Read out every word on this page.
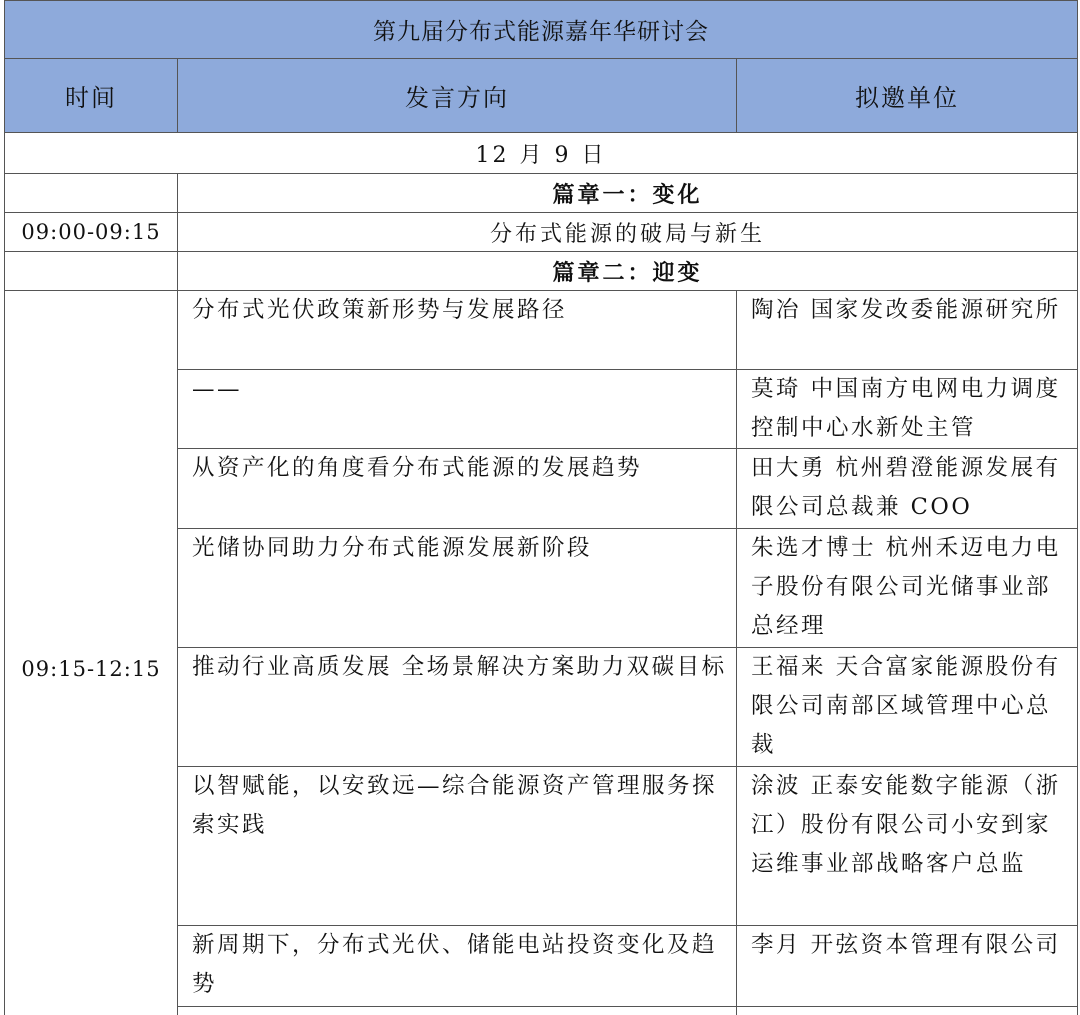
第九届分布式能源嘉年华研讨会		
时间	发言方向	拟邀单位
12 月 9 日		
	篇章一：变化	
09:00-09:15	分布式能源的破局与新生	
	篇章二：迎变	
09:15-12:15	分布式光伏政策新形势与发展路径	陶冶 国家发改委能源研究所
	——	莫琦 中国南方电网电力调度控制中心水新处主管
	从资产化的角度看分布式能源的发展趋势	田大勇 杭州碧澄能源发展有限公司总裁兼 COO
	光储协同助力分布式能源发展新阶段	朱选才博士 杭州禾迈电力电子股份有限公司光储事业部总经理
	推动行业高质发展 全场景解决方案助力双碳目标	王福来 天合富家能源股份有限公司南部区域管理中心总裁
	以智赋能，以安致远—综合能源资产管理服务探索实践	涂波 正泰安能数字能源（浙江）股份有限公司小安到家运维事业部战略客户总监
	新周期下，分布式光伏、储能电站投资变化及趋势	李月 开弦资本管理有限公司
